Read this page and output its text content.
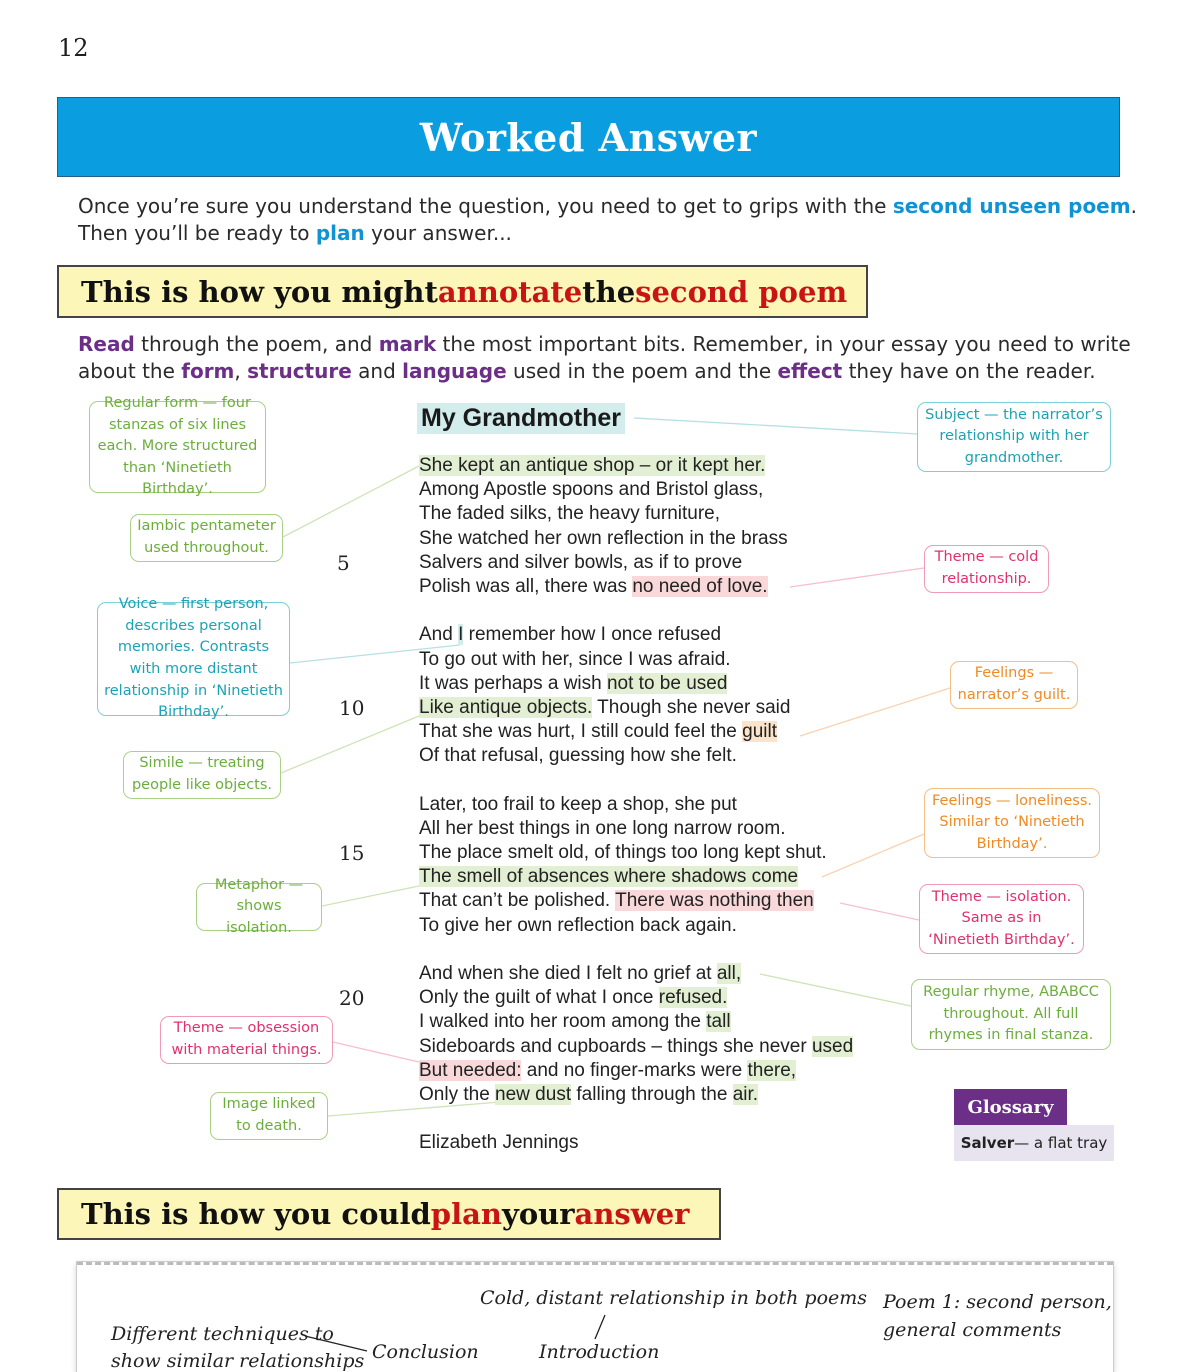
12
Worked Answer
Once you’re sure you understand the question, you need to get to grips with the second unseen poem.
Then you’ll be ready to plan your answer...
This is how you might annotate the second poem
Read through the poem, and mark the most important bits. Remember, in your essay you need to write about the form, structure and language used in the poem and the effect they have on the reader.
My Grandmother
She kept an antique shop – or it kept her.
Among Apostle spoons and Bristol glass,
The faded silks, the heavy furniture,
She watched her own reflection in the brass
Salvers and silver bowls, as if to prove
Polish was all, there was no need of love.
And I remember how I once refused
To go out with her, since I was afraid.
It was perhaps a wish not to be used
Like antique objects. Though she never said
That she was hurt, I still could feel the guilt
Of that refusal, guessing how she felt.
Later, too frail to keep a shop, she put
All her best things in one long narrow room.
The place smelt old, of things too long kept shut.
The smell of absences where shadows come
That can’t be polished. There was nothing then
To give her own reflection back again.
And when she died I felt no grief at all,
Only the guilt of what I once refused.
I walked into her room among the tall
Sideboards and cupboards – things she never used
But needed: and no finger-marks were there,
Only the new dust falling through the air.
Elizabeth Jennings
5
10
15
20
Regular form — four stanzas of six lines each. More structured than ‘Ninetieth Birthday’.
Iambic pentameter used throughout.
Voice — first person, describes personal memories. Contrasts with more distant relationship in ‘Ninetieth Birthday’.
Simile — treating people like objects.
Metaphor — shows isolation.
Theme — obsession with material things.
Image linked to death.
Subject — the narrator’s relationship with her grandmother.
Theme — cold relationship.
Feelings — narrator’s guilt.
Feelings — loneliness. Similar to ‘Ninetieth Birthday’.
Theme — isolation. Same as in ‘Ninetieth Birthday’.
Regular rhyme, ABABCC throughout. All full rhymes in final stanza.
Glossary
Salver — a flat tray
This is how you could plan your answer
Cold, distant relationship in both poems
Introduction
Different techniques to
show similar relationships Conclusion
Poem 1: second person,
general comments
